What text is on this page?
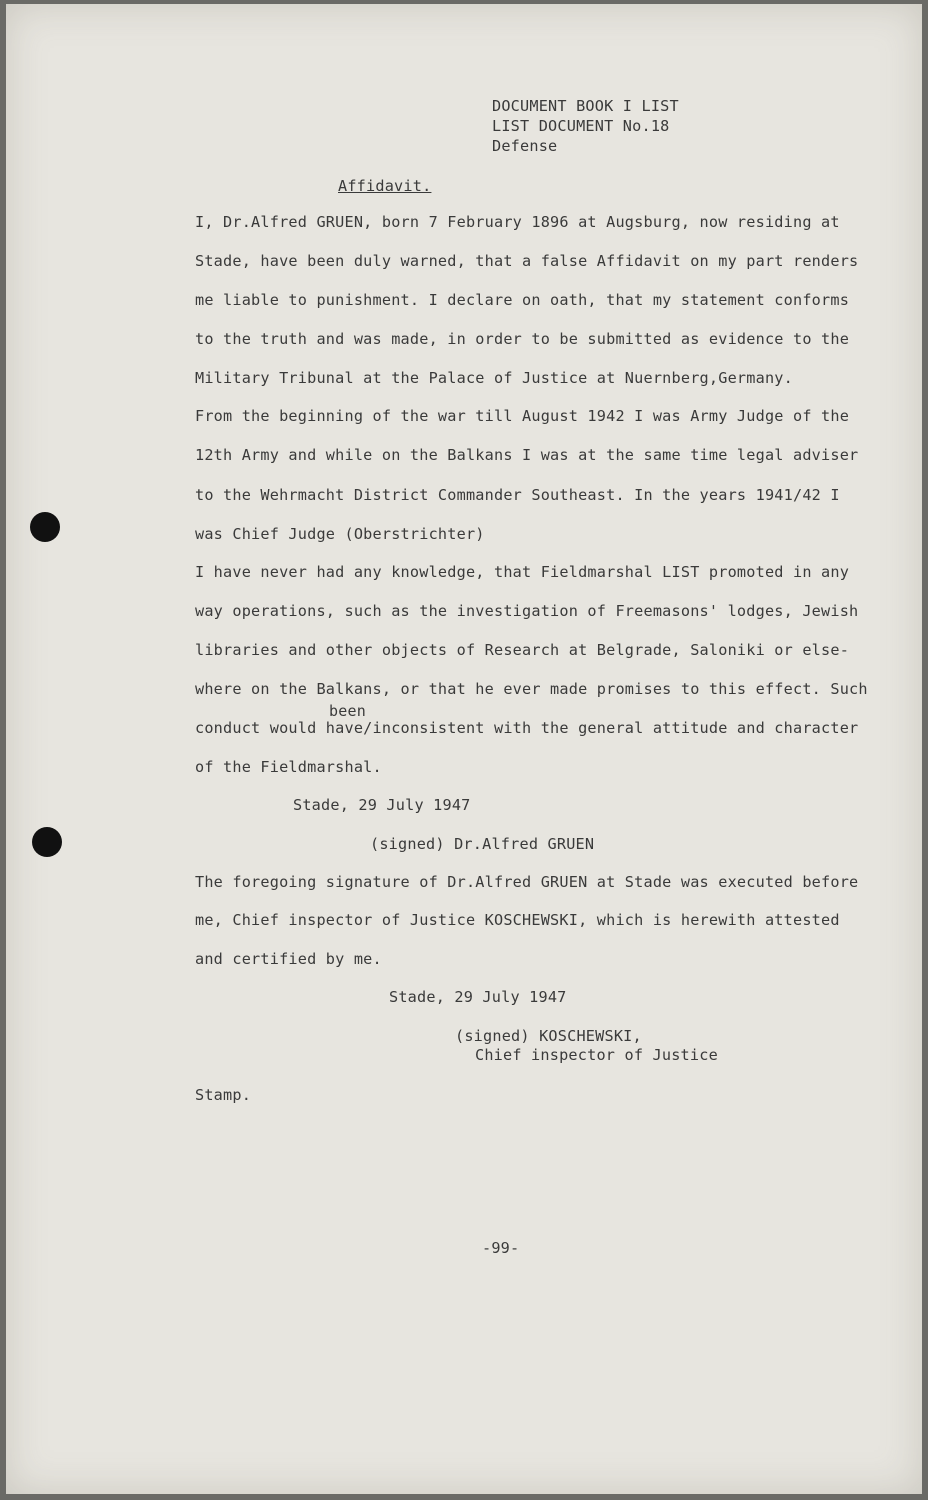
DOCUMENT BOOK I LIST
LIST DOCUMENT No.18
Defense
Affidavit.
I, Dr.Alfred GRUEN, born 7 February 1896 at Augsburg, now residing at
Stade, have been duly warned, that a false Affidavit on my part renders
me liable to punishment. I declare on oath, that my statement conforms
to the truth and was made, in order to be submitted as evidence to the
Military Tribunal at the Palace of Justice at Nuernberg,Germany.
From the beginning of the war till August 1942 I was Army Judge of the
12th Army and while on the Balkans I was at the same time legal adviser
to the Wehrmacht District Commander Southeast. In the years 1941/42 I
was Chief Judge (Oberstrichter)
I have never had any knowledge, that Fieldmarshal LIST promoted in any
way operations, such as the investigation of Freemasons' lodges, Jewish
libraries and other objects of Research at Belgrade, Saloniki or else-
where on the Balkans, or that he ever made promises to this effect. Such
been
conduct would have/inconsistent with the general attitude and character
of the Fieldmarshal.
Stade, 29 July 1947
(signed) Dr.Alfred GRUEN
The foregoing signature of Dr.Alfred GRUEN at Stade was executed before
me, Chief inspector of Justice KOSCHEWSKI, which is herewith attested
and certified by me.
Stade, 29 July 1947
(signed) KOSCHEWSKI,
Chief inspector of Justice
Stamp.
-99-
